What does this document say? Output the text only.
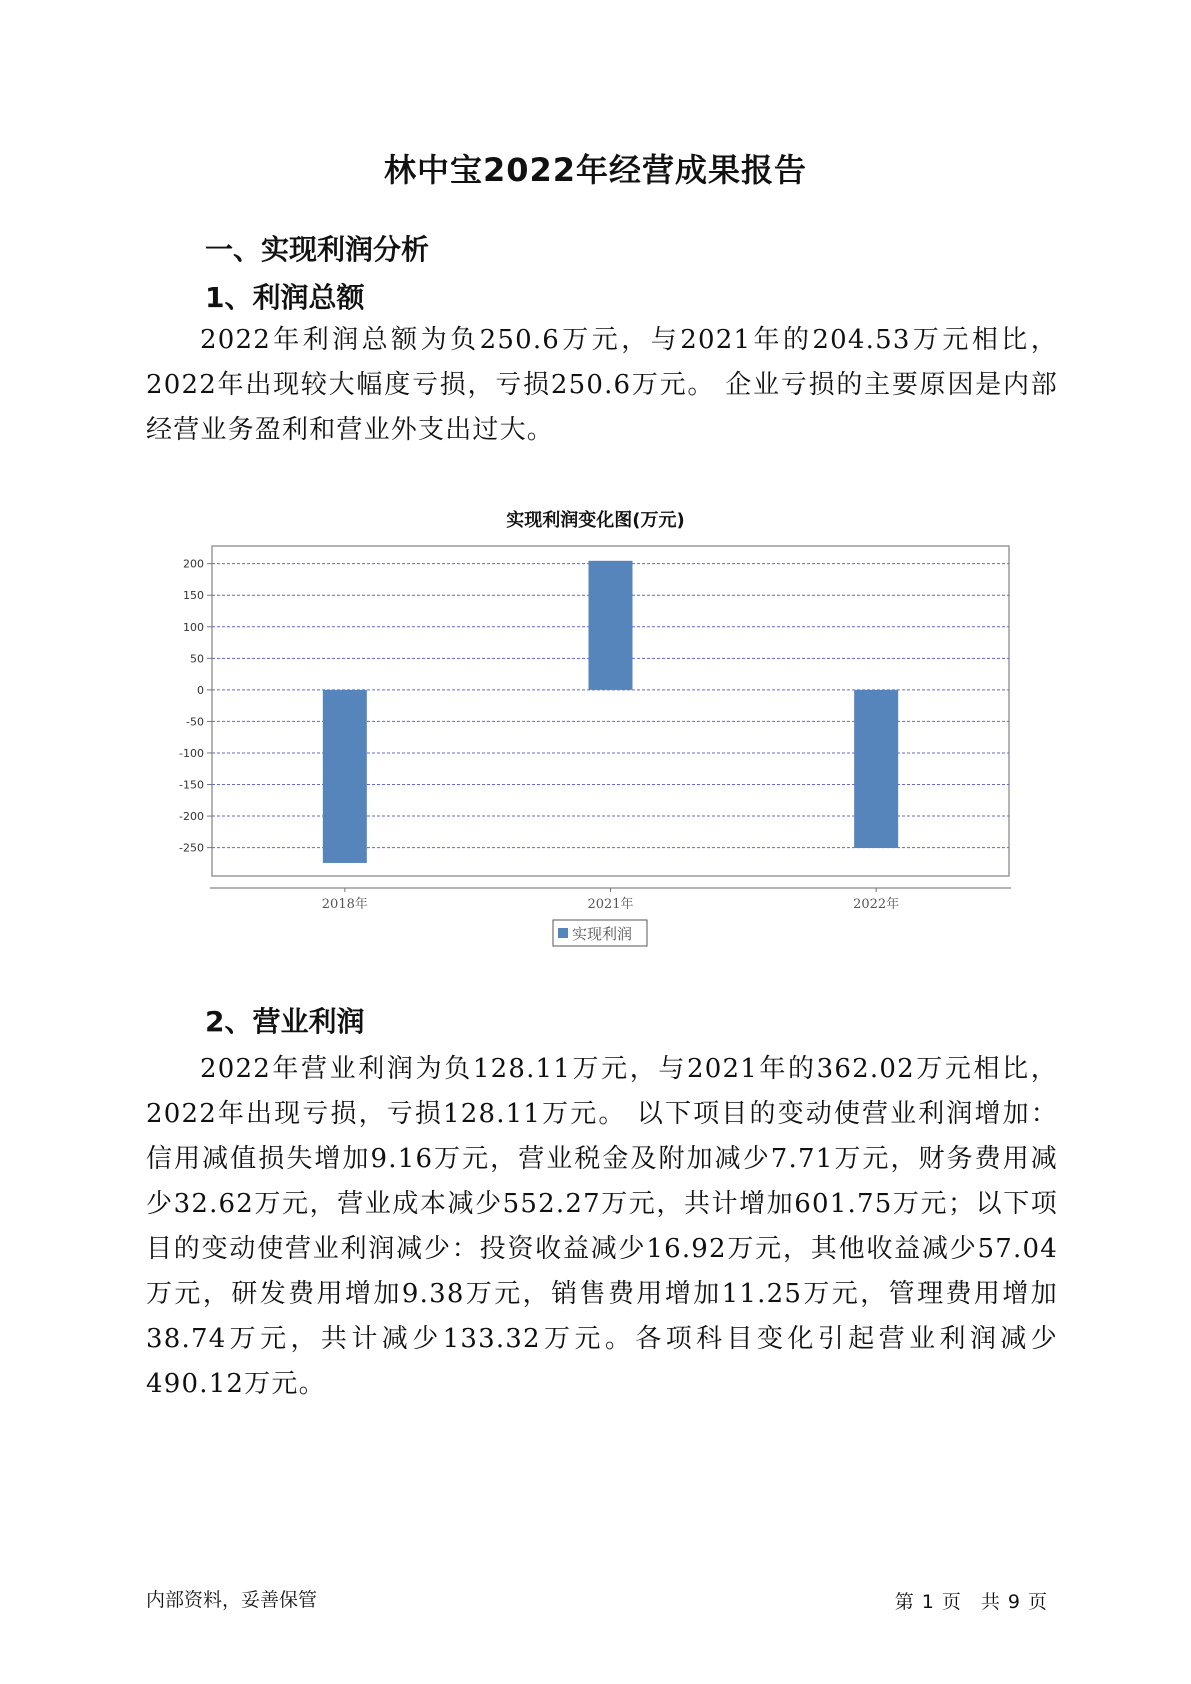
林中宝2022年经营成果报告
一、实现利润分析
1、利润总额
2022年利润总额为负250.6万元，与2021年的204.53万元相比，2022年出现较大幅度亏损，亏损250.6万元。 企业亏损的主要原因是内部经营业务盈利和营业外支出过大。
实现利润变化图(万元)
200
150
100
50
0
-50
-100
-150
-200
-250
2018年	2021年	2022年
实现利润
2、营业利润
2022年营业利润为负128.11万元，与2021年的362.02万元相比，2022年出现亏损，亏损128.11万元。 以下项目的变动使营业利润增加：信用减值损失增加9.16万元，营业税金及附加减少7.71万元，财务费用减少32.62万元，营业成本减少552.27万元，共计增加601.75万元；以下项目的变动使营业利润减少：投资收益减少16.92万元，其他收益减少57.04万元，研发费用增加9.38万元，销售费用增加11.25万元，管理费用增加38.74万元，共计减少133.32万元。各项科目变化引起营业利润减少490.12万元。
内部资料，妥善保管	第 1 页 共 9 页
